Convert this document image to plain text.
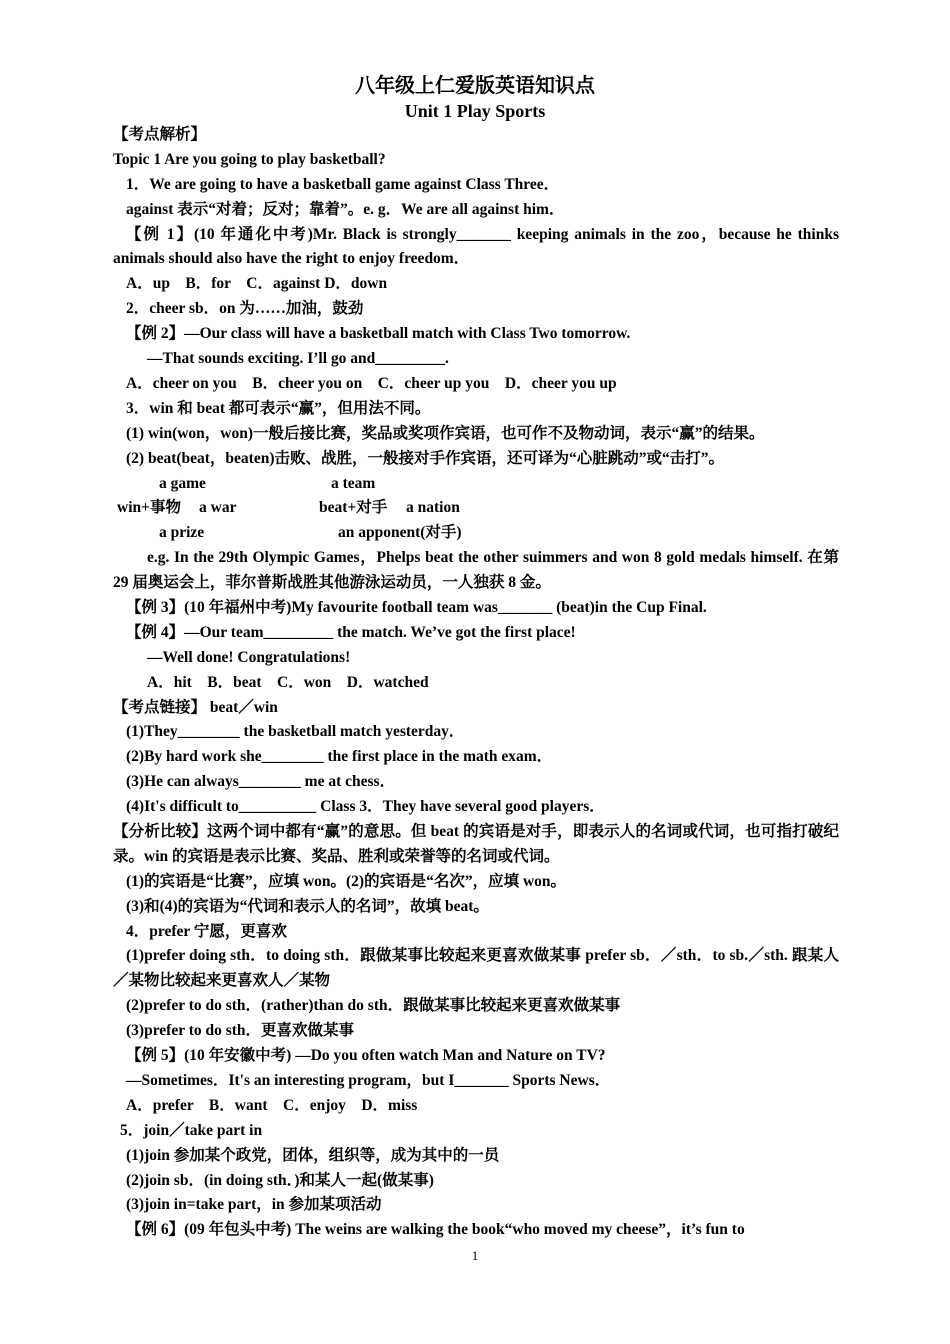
八年级上仁爱版英语知识点
Unit 1 Play Sports
【考点解析】
Topic 1 Are you going to play basketball?
1．We are going to have a basketball game against Class Three．
against 表示“对着；反对；靠着”。e. g．We are all against him．
【例 1】(10 年通化中考)Mr. Black is strongly_______ keeping animals in the zoo，because he thinks animals should also have the right to enjoy freedom．
A．up　B．for　C．against D．down
2．cheer sb．on 为……加油，鼓劲
【例 2】—Our class will have a basketball match with Class Two tomorrow.
—That sounds exciting. I’ll go and_________.
A．cheer on you　B．cheer you on　C．cheer up you　D．cheer you up
3．win 和 beat 都可表示“赢”，但用法不同。
(1) win(won，won)一般后接比赛，奖品或奖项作宾语，也可作不及物动词，表示“赢”的结果。
(2) beat(beat，beaten)击败、战胜，一般接对手作宾语，还可译为“心脏跳动”或“击打”。
a game	a team
win+事物 a war	beat+对手 a nation
a prize	an apponent(对手)
e.g. In the 29th Olympic Games，Phelps beat the other suimmers and won 8 gold medals himself. 在第 29 届奥运会上，菲尔普斯战胜其他游泳运动员，一人独获 8 金。
【例 3】(10 年福州中考)My favourite football team was_______ (beat)in the Cup Final.
【例 4】—Our team_________ the match. We’ve got the first place!
—Well done! Congratulations!
A．hit　B．beat　C．won　D．watched
【考点链接】 beat／win
(1)They________ the basketball match yesterday．
(2)By hard work she________ the first place in the math exam．
(3)He can always________ me at chess．
(4)It's difficult to__________ Class 3．They have several good players．
【分析比较】这两个词中都有“赢”的意思。但 beat 的宾语是对手，即表示人的名词或代词，也可指打破纪录。win 的宾语是表示比赛、奖品、胜利或荣誉等的名词或代词。
(1)的宾语是“比赛”，应填 won。(2)的宾语是“名次”，应填 won。
(3)和(4)的宾语为“代词和表示人的名词”，故填 beat。
4．prefer 宁愿，更喜欢
(1)prefer doing sth．to doing sth．跟做某事比较起来更喜欢做某事 prefer sb．／sth．to sb.／sth. 跟某人／某物比较起来更喜欢人／某物
(2)prefer to do sth．(rather)than do sth．跟做某事比较起来更喜欢做某事
(3)prefer to do sth．更喜欢做某事
【例 5】(10 年安徽中考) —Do you often watch Man and Nature on TV?
—Sometimes．It's an interesting program，but I_______ Sports News．
A．prefer　B．want　C．enjoy　D．miss
5．join／take part in
(1)join 参加某个政党，团体，组织等，成为其中的一员
(2)join sb．(in doing sth．)和某人一起(做某事)
(3)join in=take part，in 参加某项活动
【例 6】(09 年包头中考) The weins are walking the book“who moved my cheese”，it’s fun to
1
